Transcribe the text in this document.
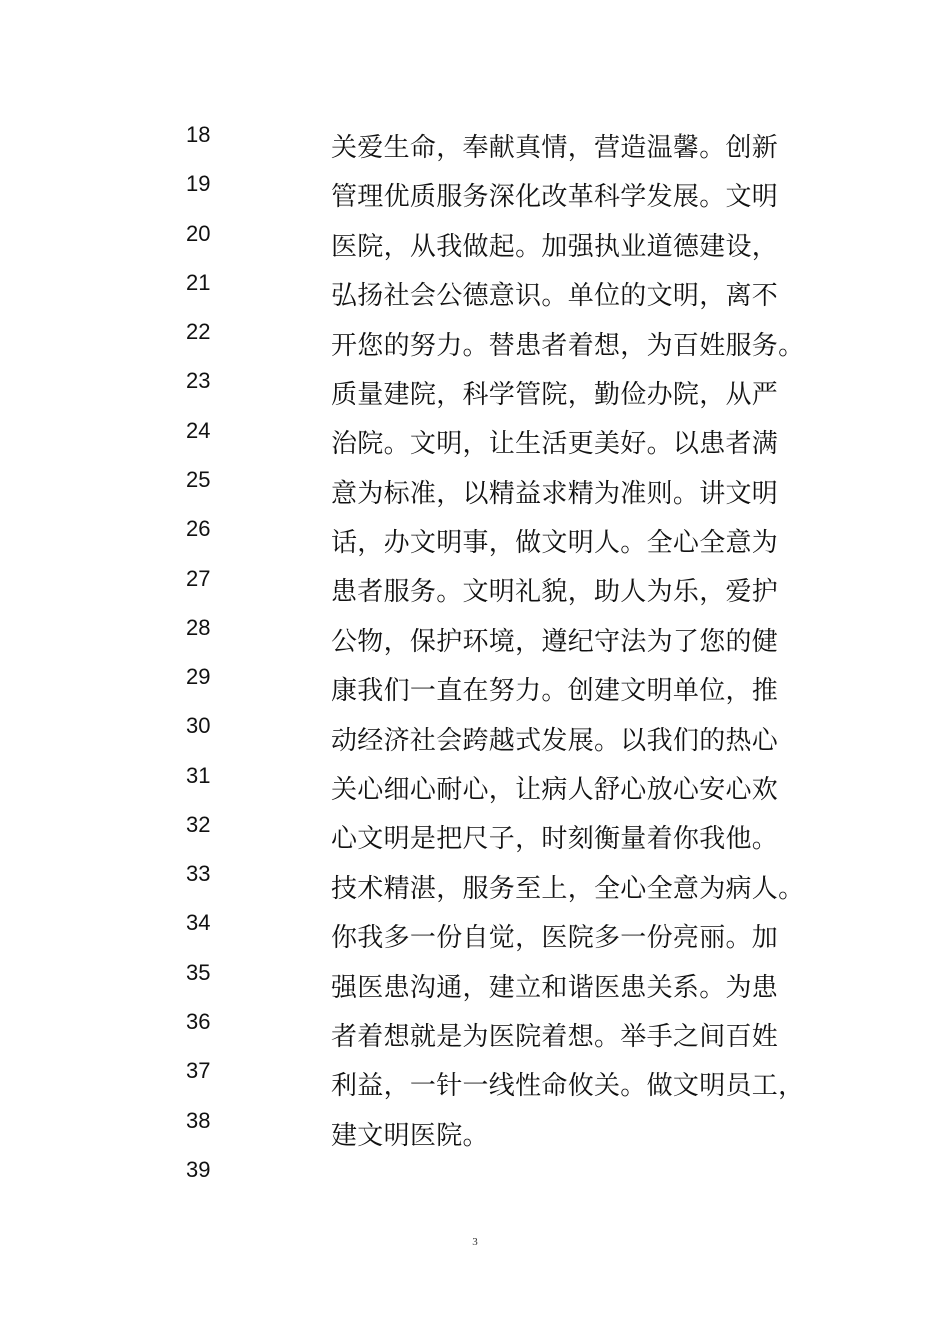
18
19
20
21
22
23
24
25
26
27
28
29
30
31
32
33
34
35
36
37
38
39
关爱生命，奉献真情，营造温馨。创新
管理优质服务深化改革科学发展。文明
医院，从我做起。加强执业道德建设，
弘扬社会公德意识。单位的文明，离不
开您的努力。替患者着想，为百姓服务。
质量建院，科学管院，勤俭办院，从严
治院。文明，让生活更美好。以患者满
意为标准，以精益求精为准则。讲文明
话，办文明事，做文明人。全心全意为
患者服务。文明礼貌，助人为乐，爱护
公物，保护环境，遵纪守法为了您的健
康我们一直在努力。创建文明单位，推
动经济社会跨越式发展。以我们的热心
关心细心耐心，让病人舒心放心安心欢
心文明是把尺子，时刻衡量着你我他。
技术精湛，服务至上，全心全意为病人。
你我多一份自觉，医院多一份亮丽。加
强医患沟通，建立和谐医患关系。为患
者着想就是为医院着想。举手之间百姓
利益，一针一线性命攸关。做文明员工，
建文明医院。
3
